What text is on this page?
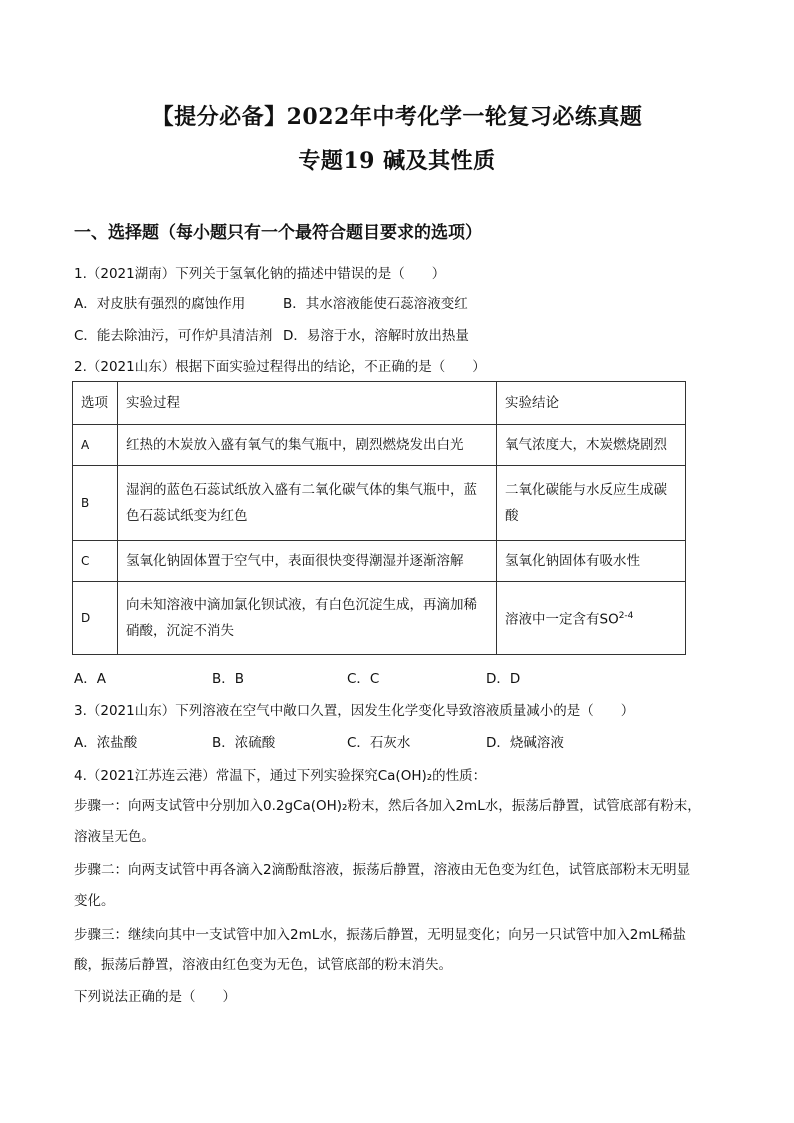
【提分必备】2022年中考化学一轮复习必练真题
专题19 碱及其性质
一、选择题（每小题只有一个最符合题目要求的选项）
1.（2021湖南）下列关于氢氧化钠的描述中错误的是（　　）
A．对皮肤有强烈的腐蚀作用	B．其水溶液能使石蕊溶液变红
C．能去除油污，可作炉具清洁剂 D．易溶于水，溶解时放出热量
2.（2021山东）根据下面实验过程得出的结论，不正确的是（　　）
选项	实验过程	实验结论
A	红热的木炭放入盛有氧气的集气瓶中，剧烈燃烧发出白光	氧气浓度大，木炭燃烧剧烈
B	湿润的蓝色石蕊试纸放入盛有二氧化碳气体的集气瓶中，蓝色石蕊试纸变为红色	二氧化碳能与水反应生成碳酸
C	氢氧化钠固体置于空气中，表面很快变得潮湿并逐渐溶解	氢氧化钠固体有吸水性
D	向未知溶液中滴加氯化钡试液，有白色沉淀生成，再滴加稀硝酸，沉淀不消失	溶液中一定含有SO$^{2-4}$
A．A	B．B	C．C	D．D
3.（2021山东）下列溶液在空气中敞口久置，因发生化学变化导致溶液质量减小的是（　　）
A．浓盐酸	B．浓硫酸	C．石灰水	D．烧碱溶液
4.（2021江苏连云港）常温下，通过下列实验探究Ca(OH)₂的性质：
步骤一：向两支试管中分别加入0.2gCa(OH)₂粉末，然后各加入2mL水，振荡后静置，试管底部有粉末，
溶液呈无色。
步骤二：向两支试管中再各滴入2滴酚酞溶液，振荡后静置，溶液由无色变为红色，试管底部粉末无明显
变化。
步骤三：继续向其中一支试管中加入2mL水，振荡后静置，无明显变化；向另一只试管中加入2mL稀盐
酸，振荡后静置，溶液由红色变为无色，试管底部的粉末消失。
下列说法正确的是（　　）
